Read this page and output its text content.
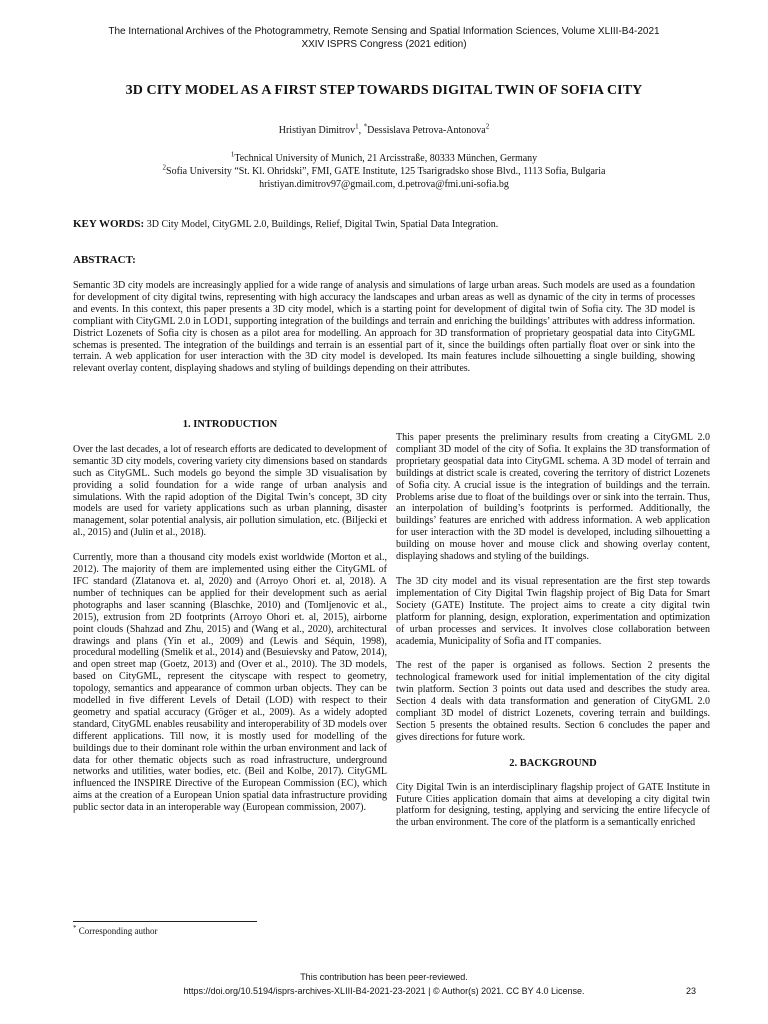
The International Archives of the Photogrammetry, Remote Sensing and Spatial Information Sciences, Volume XLIII-B4-2021
XXIV ISPRS Congress (2021 edition)
3D CITY MODEL AS A FIRST STEP TOWARDS DIGITAL TWIN OF SOFIA CITY
Hristiyan Dimitrov$^1$, *Dessislava Petrova-Antonova$^2$
$^1$Technical University of Munich, 21 Arcisstraße, 80333 München, Germany
$^2$Sofia University “St. Kl. Ohridski”, FMI, GATE Institute, 125 Tsarigradsko shose Blvd., 1113 Sofia, Bulgaria
hristiyan.dimitrov97@gmail.com, d.petrova@fmi.uni-sofia.bg
KEY WORDS: 3D City Model, CityGML 2.0, Buildings, Relief, Digital Twin, Spatial Data Integration.
ABSTRACT:

Semantic 3D city models are increasingly applied for a wide range of analysis and simulations of large urban areas. Such models are used as a foundation for development of city digital twins, representing with high accuracy the landscapes and urban areas as well as dynamic of the city in terms of processes and events. In this context, this paper presents a 3D city model, which is a starting point for development of digital twin of Sofia city. The 3D model is compliant with CityGML 2.0 in LOD1, supporting integration of the buildings and terrain and enriching the buildings’ attributes with address information. District Lozenets of Sofia city is chosen as a pilot area for modelling. An approach for 3D transformation of proprietary geospatial data into CityGML schemas is presented. The integration of the buildings and terrain is an essential part of it, since the buildings often partially float over or sink into the terrain. A web application for user interaction with the 3D city model is developed. Its main features include silhouetting a single building, showing relevant overlay content, displaying shadows and styling of buildings depending on their attributes.

1. INTRODUCTION

Over the last decades, a lot of research efforts are dedicated to development of semantic 3D city models, covering variety city dimensions based on standards such as CityGML. Such models go beyond the simple 3D visualisation by providing a solid foundation for a wide range of urban analysis and simulations. With the rapid adoption of the Digital Twin’s concept, 3D city models are used for variety applications such as urban planning, disaster management, solar potential analysis, air pollution simulation, etc. (Biljecki et al., 2015) and (Julin et al., 2018).

Currently, more than a thousand city models exist worldwide (Morton et al., 2012). The majority of them are implemented using either the CityGML of IFC standard (Zlatanova et. al, 2020) and (Arroyo Ohori et. al, 2018). A number of techniques can be applied for their development such as aerial photographs and laser scanning (Blaschke, 2010) and (Tomljenovic et al., 2015), extrusion from 2D footprints (Arroyo Ohori et. al, 2015), airborne point clouds (Shahzad and Zhu, 2015) and (Wang et al., 2020), architectural drawings and plans (Yin et al., 2009) and (Lewis and Séquin, 1998), procedural modelling (Smelik et al., 2014) and (Besuievsky and Patow, 2014), and open street map (Goetz, 2013) and (Over et al., 2010). The 3D models, based on CityGML, represent the cityscape with respect to geometry, topology, semantics and appearance of common urban objects. They can be modelled in five different Levels of Detail (LOD) with respect to their geometry and spatial accuracy (Gröger et al., 2009). As a widely adopted standard, CityGML enables reusability and interoperability of 3D models over different applications. Till now, it is mostly used for modelling of the buildings due to their dominant role within the urban environment and lack of data for other thematic objects such as road infrastructure, underground networks and utilities, water bodies, etc. (Beil and Kolbe, 2017). CityGML influenced the INSPIRE Directive of the European Commission (EC), which aims at the creation of a European Union spatial data infrastructure providing public sector data in an interoperable way (European commission, 2007).

This paper presents the preliminary results from creating a CityGML 2.0 compliant 3D model of the city of Sofia. It explains the 3D transformation of proprietary geospatial data into CityGML schema. A 3D model of terrain and buildings at district scale is created, covering the territory of district Lozenets of Sofia city. A crucial issue is the integration of buildings and the terrain. Problems arise due to float of the buildings over or sink into the terrain. Thus, an interpolation of building’s footprints is performed. Additionally, the buildings’ features are enriched with address information. A web application for user interaction with the 3D model is developed, including silhouetting a building on mouse hover and mouse click and showing overlay content, displaying shadows and styling of the buildings.

The 3D city model and its visual representation are the first step towards implementation of City Digital Twin flagship project of Big Data for Smart Society (GATE) Institute. The project aims to create a city digital twin platform for planning, design, exploration, experimentation and optimization of urban processes and services. It involves close collaboration between academia, Municipality of Sofia and IT companies.

The rest of the paper is organised as follows. Section 2 presents the technological framework used for initial implementation of the city digital twin platform. Section 3 points out data used and describes the study area. Section 4 deals with data transformation and generation of CityGML 2.0 compliant 3D model of district Lozenets, covering terrain and buildings. Section 5 presents the obtained results. Section 6 concludes the paper and gives directions for future work.

2. BACKGROUND

City Digital Twin is an interdisciplinary flagship project of GATE Institute in Future Cities application domain that aims at developing a city digital twin platform for designing, testing, applying and servicing the entire lifecycle of the urban environment. The core of the platform is a semantically enriched

* Corresponding author
This contribution has been peer-reviewed.
https://doi.org/10.5194/isprs-archives-XLIII-B4-2021-23-2021 | © Author(s) 2021. CC BY 4.0 License.	23
